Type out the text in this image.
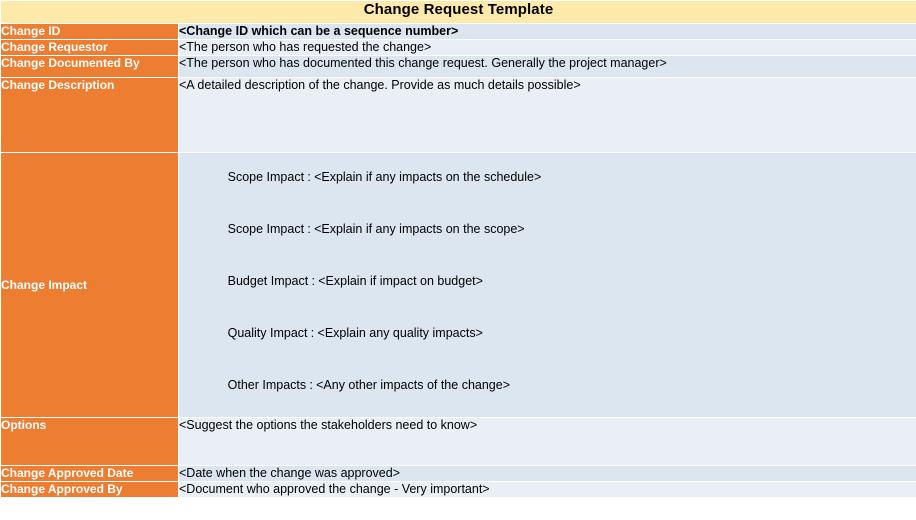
Change Request Template	

Change ID	<Change ID which can be a sequence number>

Change Requestor	<The person who has requested the change>

Change Documented By	<The person who has documented this change request. Generally the project manager>

Change Description	<A detailed description of the change. Provide as much details possible>

Change Impact	Scope Impact : <Explain if any impacts on the schedule>

Scope Impact : <Explain if any impacts on the scope>

Budget Impact : <Explain if impact on budget>

Quality Impact : <Explain any quality impacts>

Other Impacts : <Any other impacts of the change>

Options	<Suggest the options the stakeholders need to know>

Change Approved Date	<Date when the change was approved>

Change Approved By	<Document who approved the change - Very important>
